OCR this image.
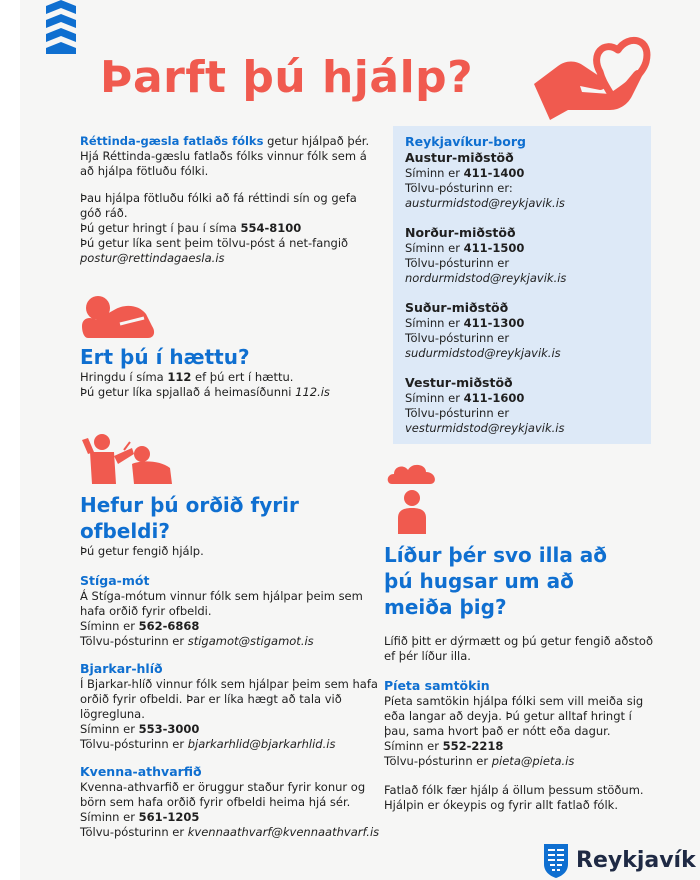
Þarft þú hjálp?

Réttinda-gæsla fatlaðs fólks getur hjálpað þér.

Hjá Réttinda-gæslu fatlaðs fólks vinnur fólk sem á að hjálpa fötluðu fólki.

Þau hjálpa fötluðu fólki að fá réttindi sín og gefa góð ráð.

Þú getur hringt í þau í síma 554-8100

Þú getur líka sent þeim tölvu-póst á net-fangið

postur@rettindagaesla.is

Ert þú í hættu?

Hringdu í síma 112 ef þú ert í hættu.

Þú getur líka spjallað á heimasíðunni 112.is

Hefur þú orðið fyrir ofbeldi?

Þú getur fengið hjálp.

Stíga-mót

Á Stíga-mótum vinnur fólk sem hjálpar þeim sem hafa orðið fyrir ofbeldi.

Síminn er 562-6868

Tölvu-pósturinn er stigamot@stigamot.is

Bjarkar-hlíð

Í Bjarkar-hlíð vinnur fólk sem hjálpar þeim sem hafa orðið fyrir ofbeldi. Þar er líka hægt að tala við lögregluna.

Síminn er 553-3000

Tölvu-pósturinn er bjarkarhlid@bjarkarhlid.is

Kvenna-athvarfið

Kvenna-athvarfið er öruggur staður fyrir konur og börn sem hafa orðið fyrir ofbeldi heima hjá sér.

Síminn er 561-1205

Tölvu-pósturinn er kvennaathvarf@kvennaathvarf.is

Reykjavíkur-borg

Austur-miðstöð

Síminn er 411-1400

Tölvu-pósturinn er:

austurmidstod@reykjavik.is

Norður-miðstöð

Síminn er 411-1500

Tölvu-pósturinn er

nordurmidstod@reykjavik.is

Suður-miðstöð

Síminn er 411-1300

Tölvu-pósturinn er

sudurmidstod@reykjavik.is

Vestur-miðstöð

Síminn er 411-1600

Tölvu-pósturinn er

vesturmidstod@reykjavik.is

Líður þér svo illa að þú hugsar um að meiða þig?

Lífið þitt er dýrmætt og þú getur fengið aðstoð ef þér líður illa.

Píeta samtökin

Píeta samtökin hjálpa fólki sem vill meiða sig eða langar að deyja. Þú getur alltaf hringt í þau, sama hvort það er nótt eða dagur.

Síminn er 552-2218

Tölvu-pósturinn er pieta@pieta.is

Fatlað fólk fær hjálp á öllum þessum stöðum.

Hjálpin er ókeypis og fyrir allt fatlað fólk.

Reykjavík
